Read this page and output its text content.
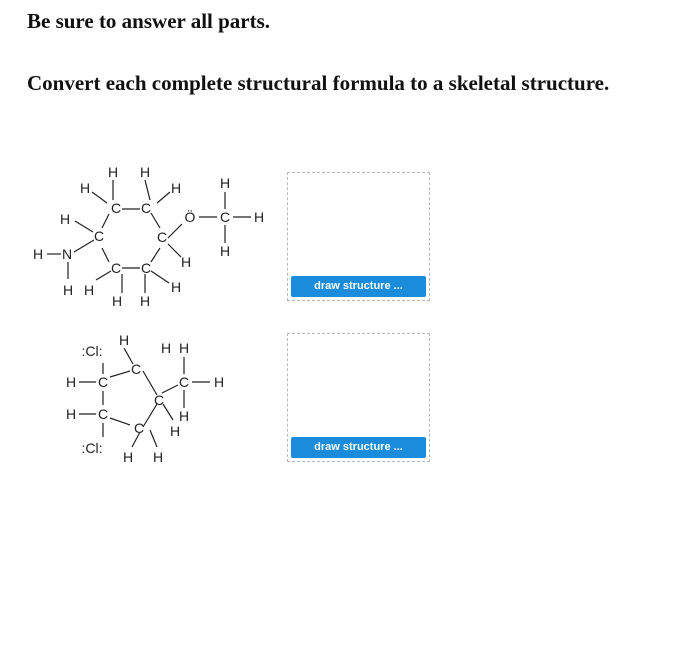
Be sure to answer all parts.

Convert each complete structural formula to a skeletal structure.

H H
H
H
C C
H
H
C	C
Ö C H
H
H N	H
C C
H
H H
H H
draw structure ...
:Cl:
H H H
H C
C
C H
C
H C
C
H
H
:Cl:
H H
draw structure ...
